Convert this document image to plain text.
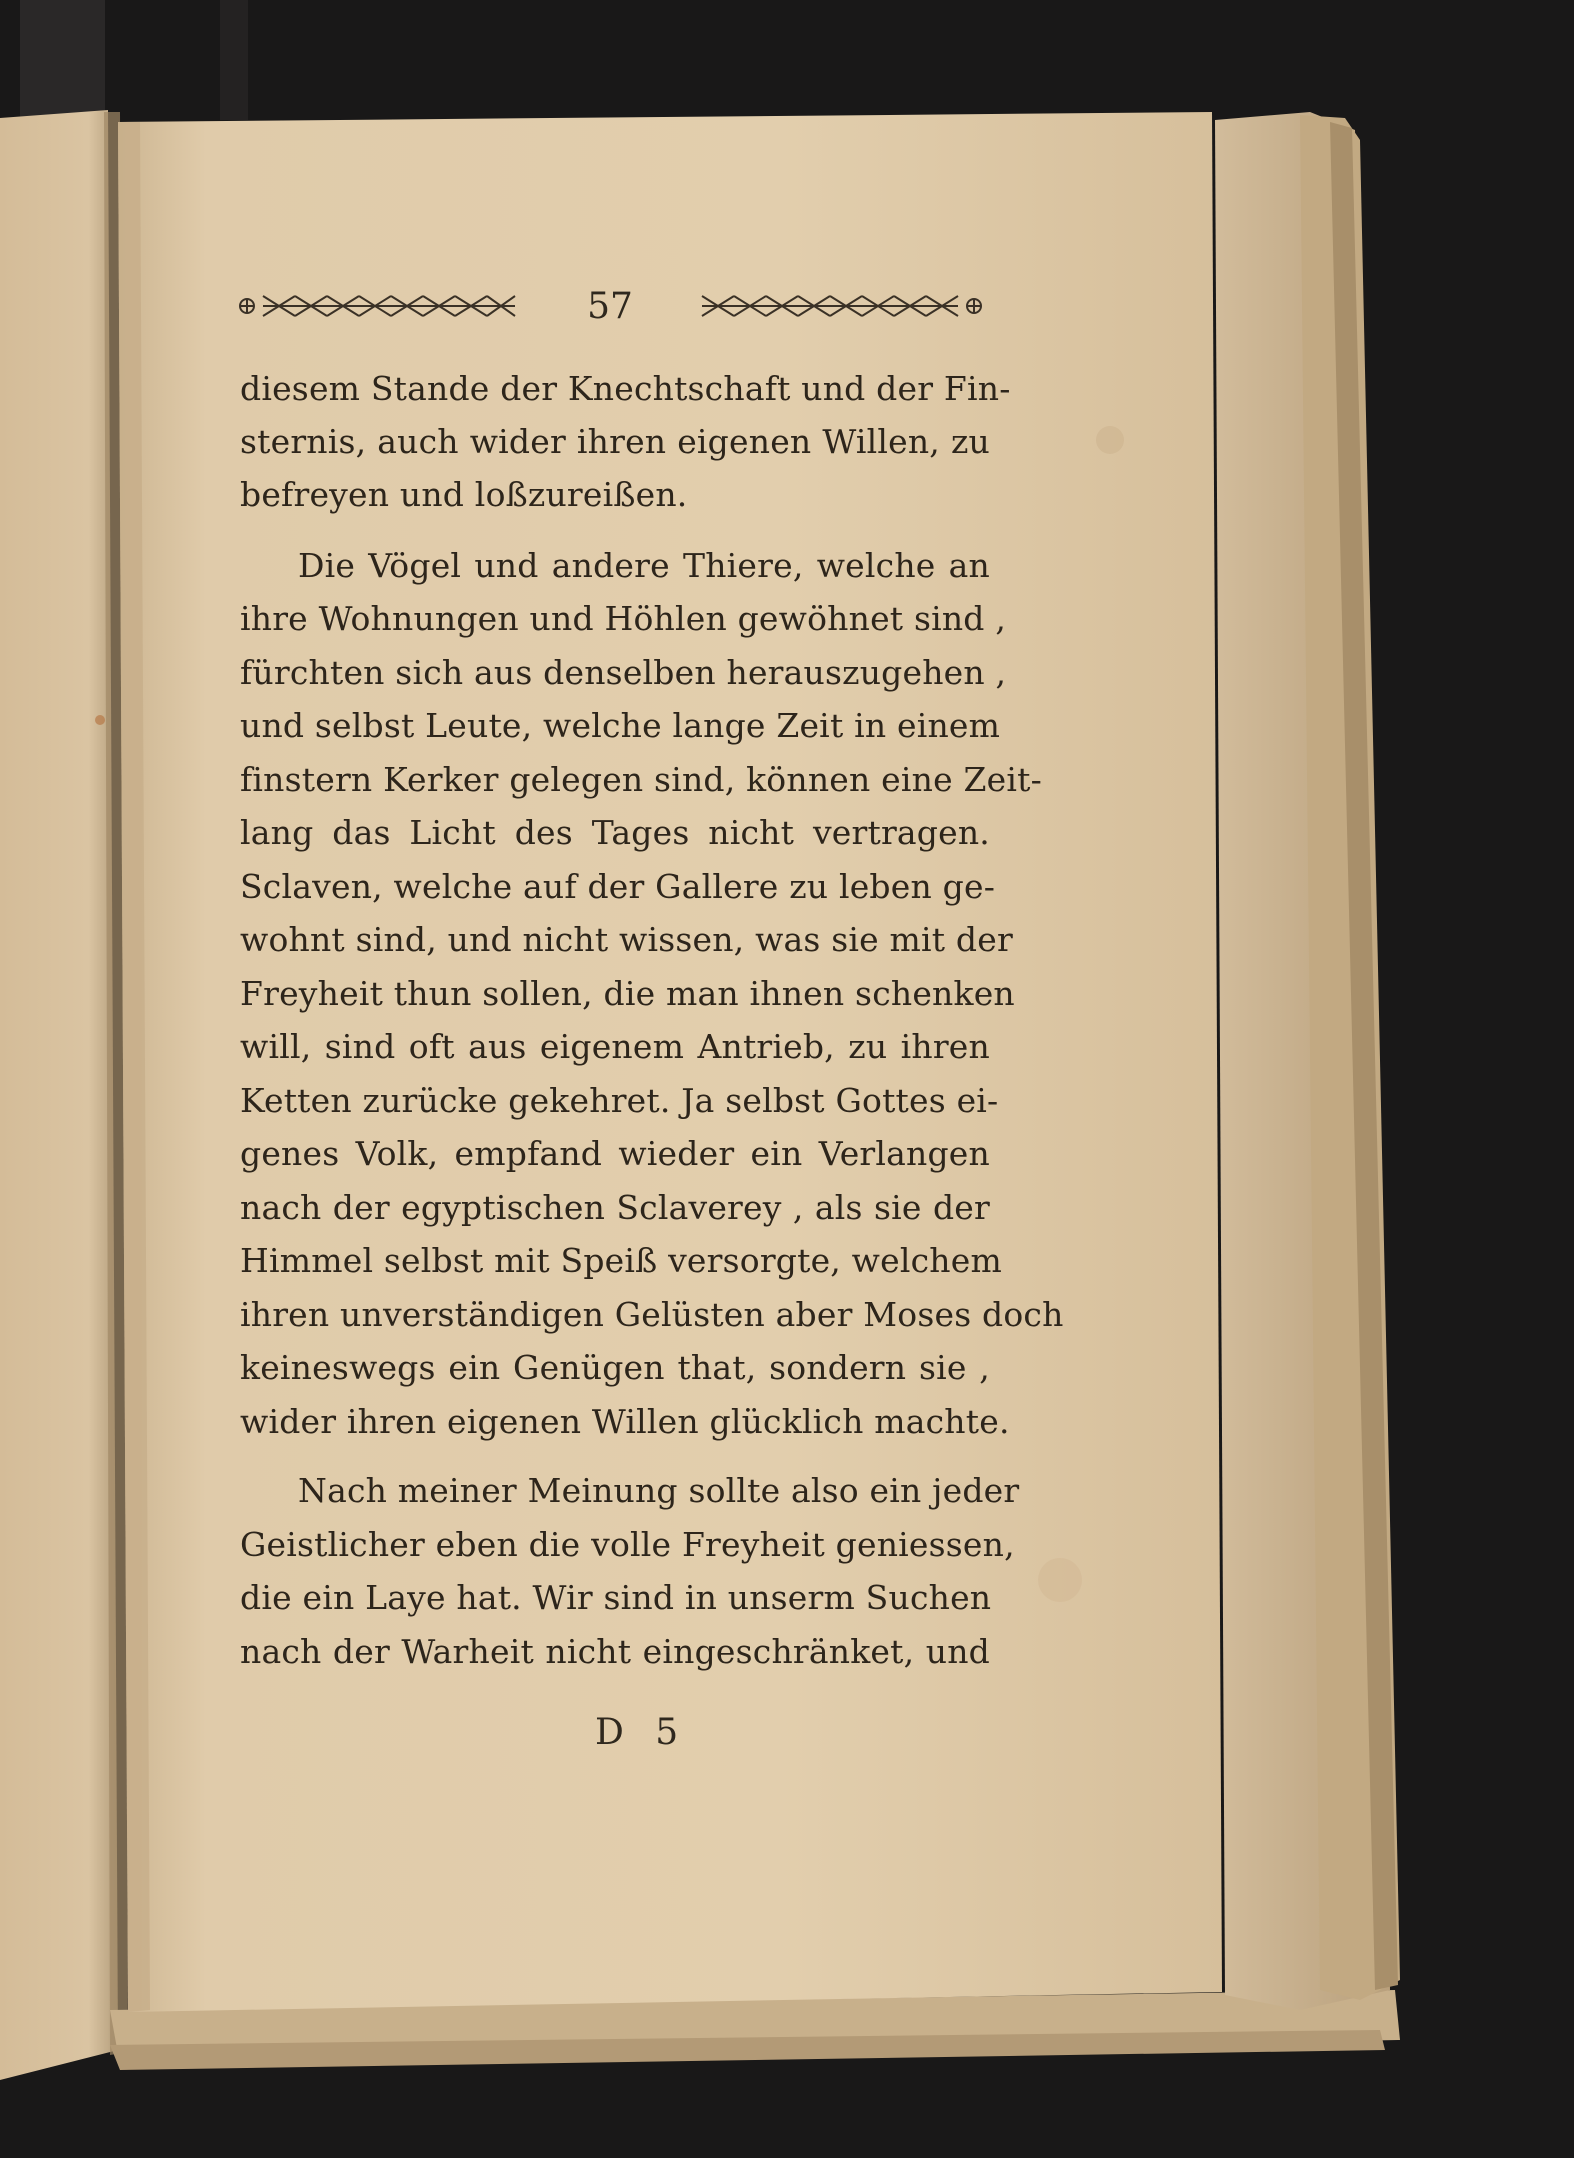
57
diesem Stande der Knechtschaft und der Fin-
sternis, auch wider ihren eigenen Willen, zu
befreyen und loßzureißen.
Die Vögel und andere Thiere, welche an
ihre Wohnungen und Höhlen gewöhnet sind ,
fürchten sich aus denselben herauszugehen ,
und selbst Leute, welche lange Zeit in einem
finstern Kerker gelegen sind, können eine Zeit-
lang das Licht des Tages nicht vertragen.
Sclaven, welche auf der Gallere zu leben ge-
wohnt sind, und nicht wissen, was sie mit der
Freyheit thun sollen, die man ihnen schenken
will, sind oft aus eigenem Antrieb, zu ihren
Ketten zurücke gekehret. Ja selbst Gottes ei-
genes Volk, empfand wieder ein Verlangen
nach der egyptischen Sclaverey , als sie der
Himmel selbst mit Speiß versorgte, welchem
ihren unverständigen Gelüsten aber Moses doch
keineswegs ein Genügen that, sondern sie ,
wider ihren eigenen Willen glücklich machte.
Nach meiner Meinung sollte also ein jeder
Geistlicher eben die volle Freyheit geniessen,
die ein Laye hat. Wir sind in unserm Suchen
nach der Warheit nicht eingeschränket, und
D 5
